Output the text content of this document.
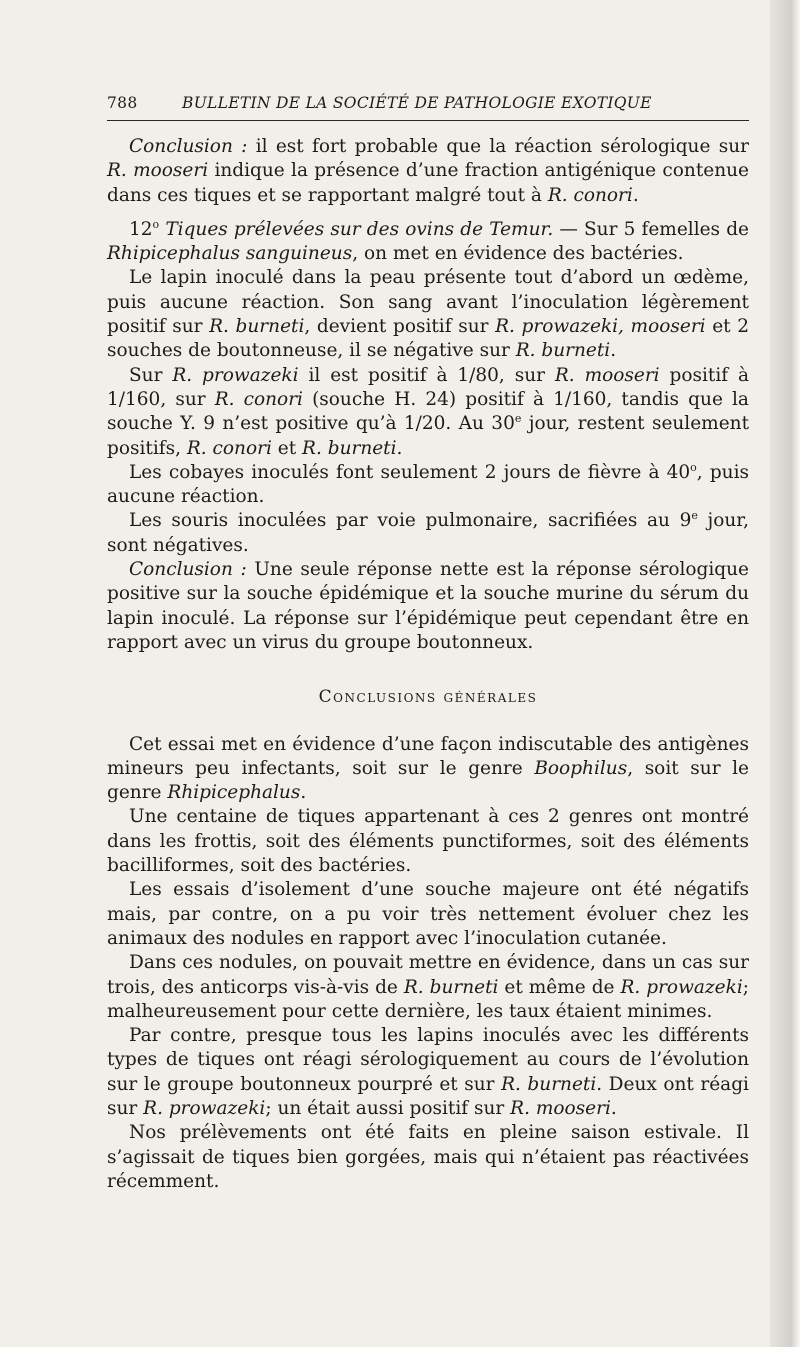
788	BULLETIN DE LA SOCIÉTÉ DE PATHOLOGIE EXOTIQUE

Conclusion : il est fort probable que la réaction sérologique sur R. mooseri indique la présence d’une fraction antigénique contenue dans ces tiques et se rapportant malgré tout à R. conori.

12$^o$ Tiques prélevées sur des ovins de Temur. — Sur 5 femelles de Rhipicephalus sanguineus, on met en évidence des bactéries.

Le lapin inoculé dans la peau présente tout d’abord un œdème, puis aucune réaction. Son sang avant l’inoculation légèrement positif sur R. burneti, devient positif sur R. prowazeki, mooseri et 2 souches de boutonneuse, il se négative sur R. burneti.

Sur R. prowazeki il est positif à 1/80, sur R. mooseri positif à 1/160, sur R. conori (souche H. 24) positif à 1/160, tandis que la souche Y. 9 n’est positive qu’à 1/20. Au 30e jour, restent seulement positifs, R. conori et R. burneti.

Les cobayes inoculés font seulement 2 jours de fièvre à 40$^o$, puis aucune réaction.

Les souris inoculées par voie pulmonaire, sacrifiées au 9e jour, sont négatives.

Conclusion : Une seule réponse nette est la réponse sérologique positive sur la souche épidémique et la souche murine du sérum du lapin inoculé. La réponse sur l’épidémique peut cependant être en rapport avec un virus du groupe boutonneux.

Conclusions générales

Cet essai met en évidence d’une façon indiscutable des antigènes mineurs peu infectants, soit sur le genre Boophilus, soit sur le genre Rhipicephalus.

Une centaine de tiques appartenant à ces 2 genres ont montré dans les frottis, soit des éléments punctiformes, soit des éléments bacilliformes, soit des bactéries.

Les essais d’isolement d’une souche majeure ont été négatifs mais, par contre, on a pu voir très nettement évoluer chez les animaux des nodules en rapport avec l’inoculation cutanée.

Dans ces nodules, on pouvait mettre en évidence, dans un cas sur trois, des anticorps vis-à-vis de R. burneti et même de R. prowazeki; malheureusement pour cette dernière, les taux étaient minimes.

Par contre, presque tous les lapins inoculés avec les différents types de tiques ont réagi sérologiquement au cours de l’évolution sur le groupe boutonneux pourpré et sur R. burneti. Deux ont réagi sur R. prowazeki; un était aussi positif sur R. mooseri.

Nos prélèvements ont été faits en pleine saison estivale. Il s’agissait de tiques bien gorgées, mais qui n’étaient pas réactivées récemment.
